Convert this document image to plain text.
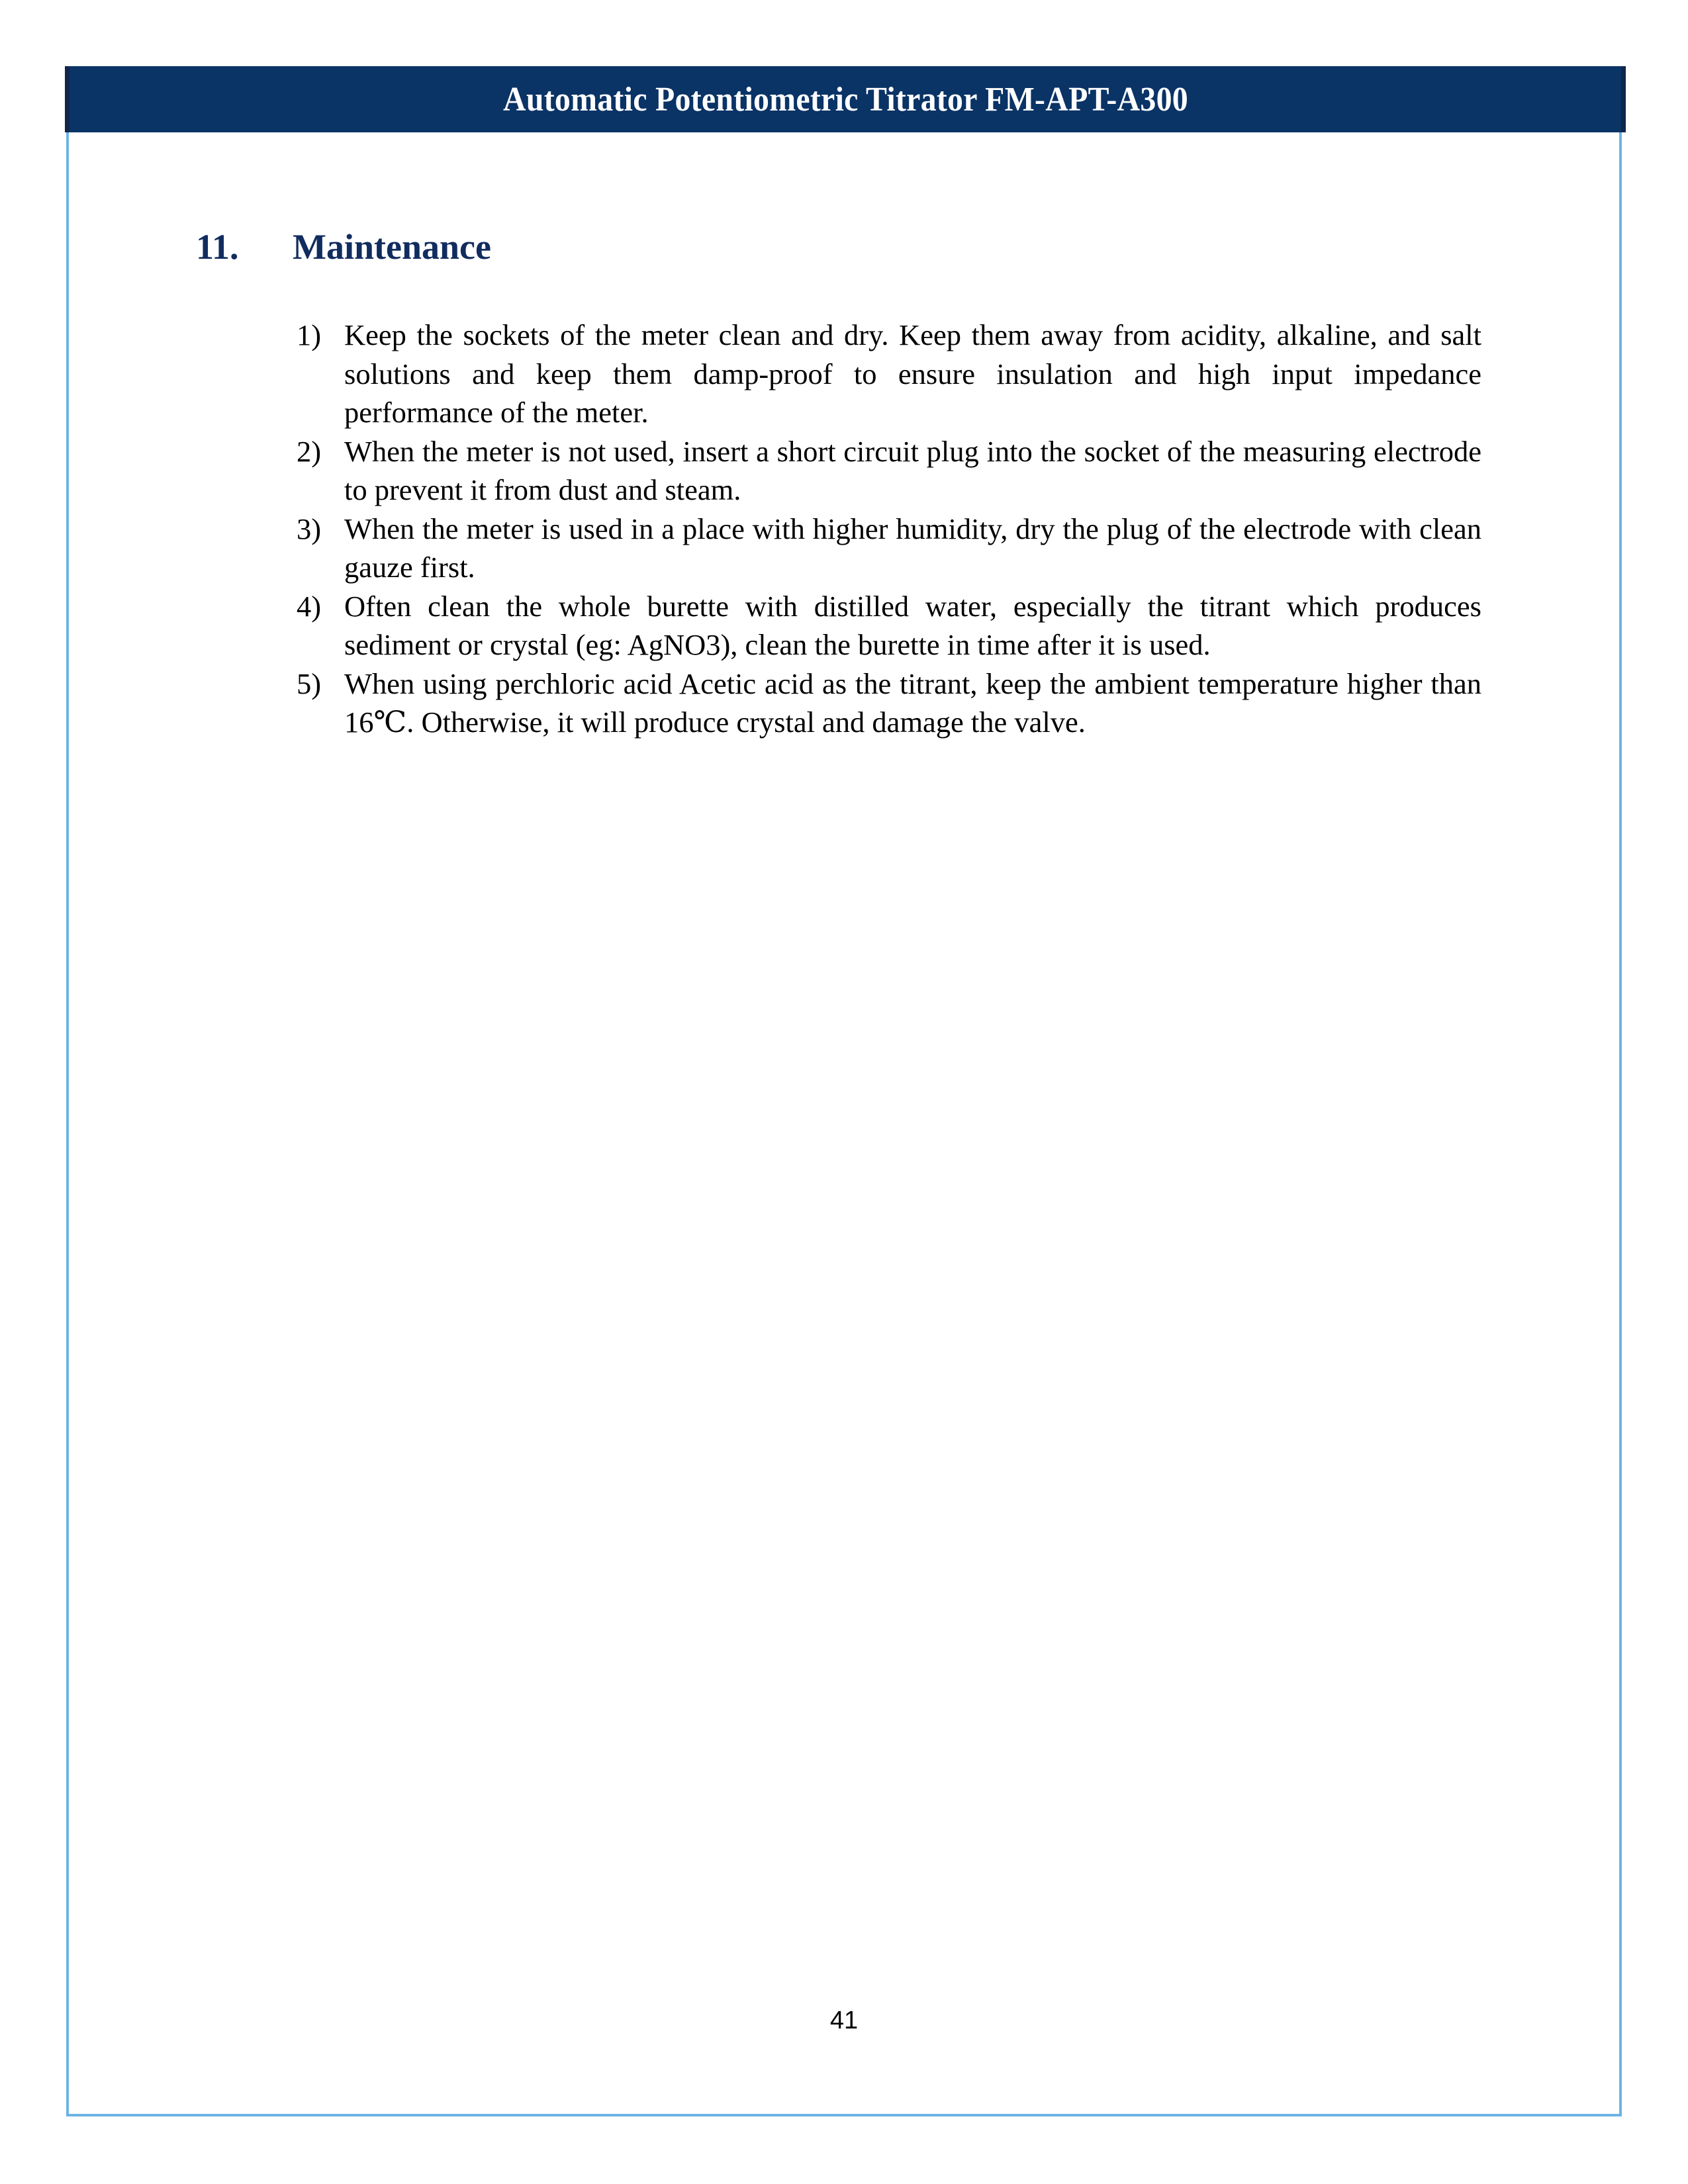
Automatic Potentiometric Titrator FM-APT-A300
11.	Maintenance
1) Keep the sockets of the meter clean and dry. Keep them away from acidity, alkaline, and salt solutions and keep them damp-proof to ensure insulation and high input impedance performance of the meter.
2) When the meter is not used, insert a short circuit plug into the socket of the measuring electrode to prevent it from dust and steam.
3) When the meter is used in a place with higher humidity, dry the plug of the electrode with clean gauze first.
4) Often clean the whole burette with distilled water, especially the titrant which produces sediment or crystal (eg: AgNO3), clean the burette in time after it is used.
5) When using perchloric acid Acetic acid as the titrant, keep the ambient temperature higher than 16℃. Otherwise, it will produce crystal and damage the valve.
41
